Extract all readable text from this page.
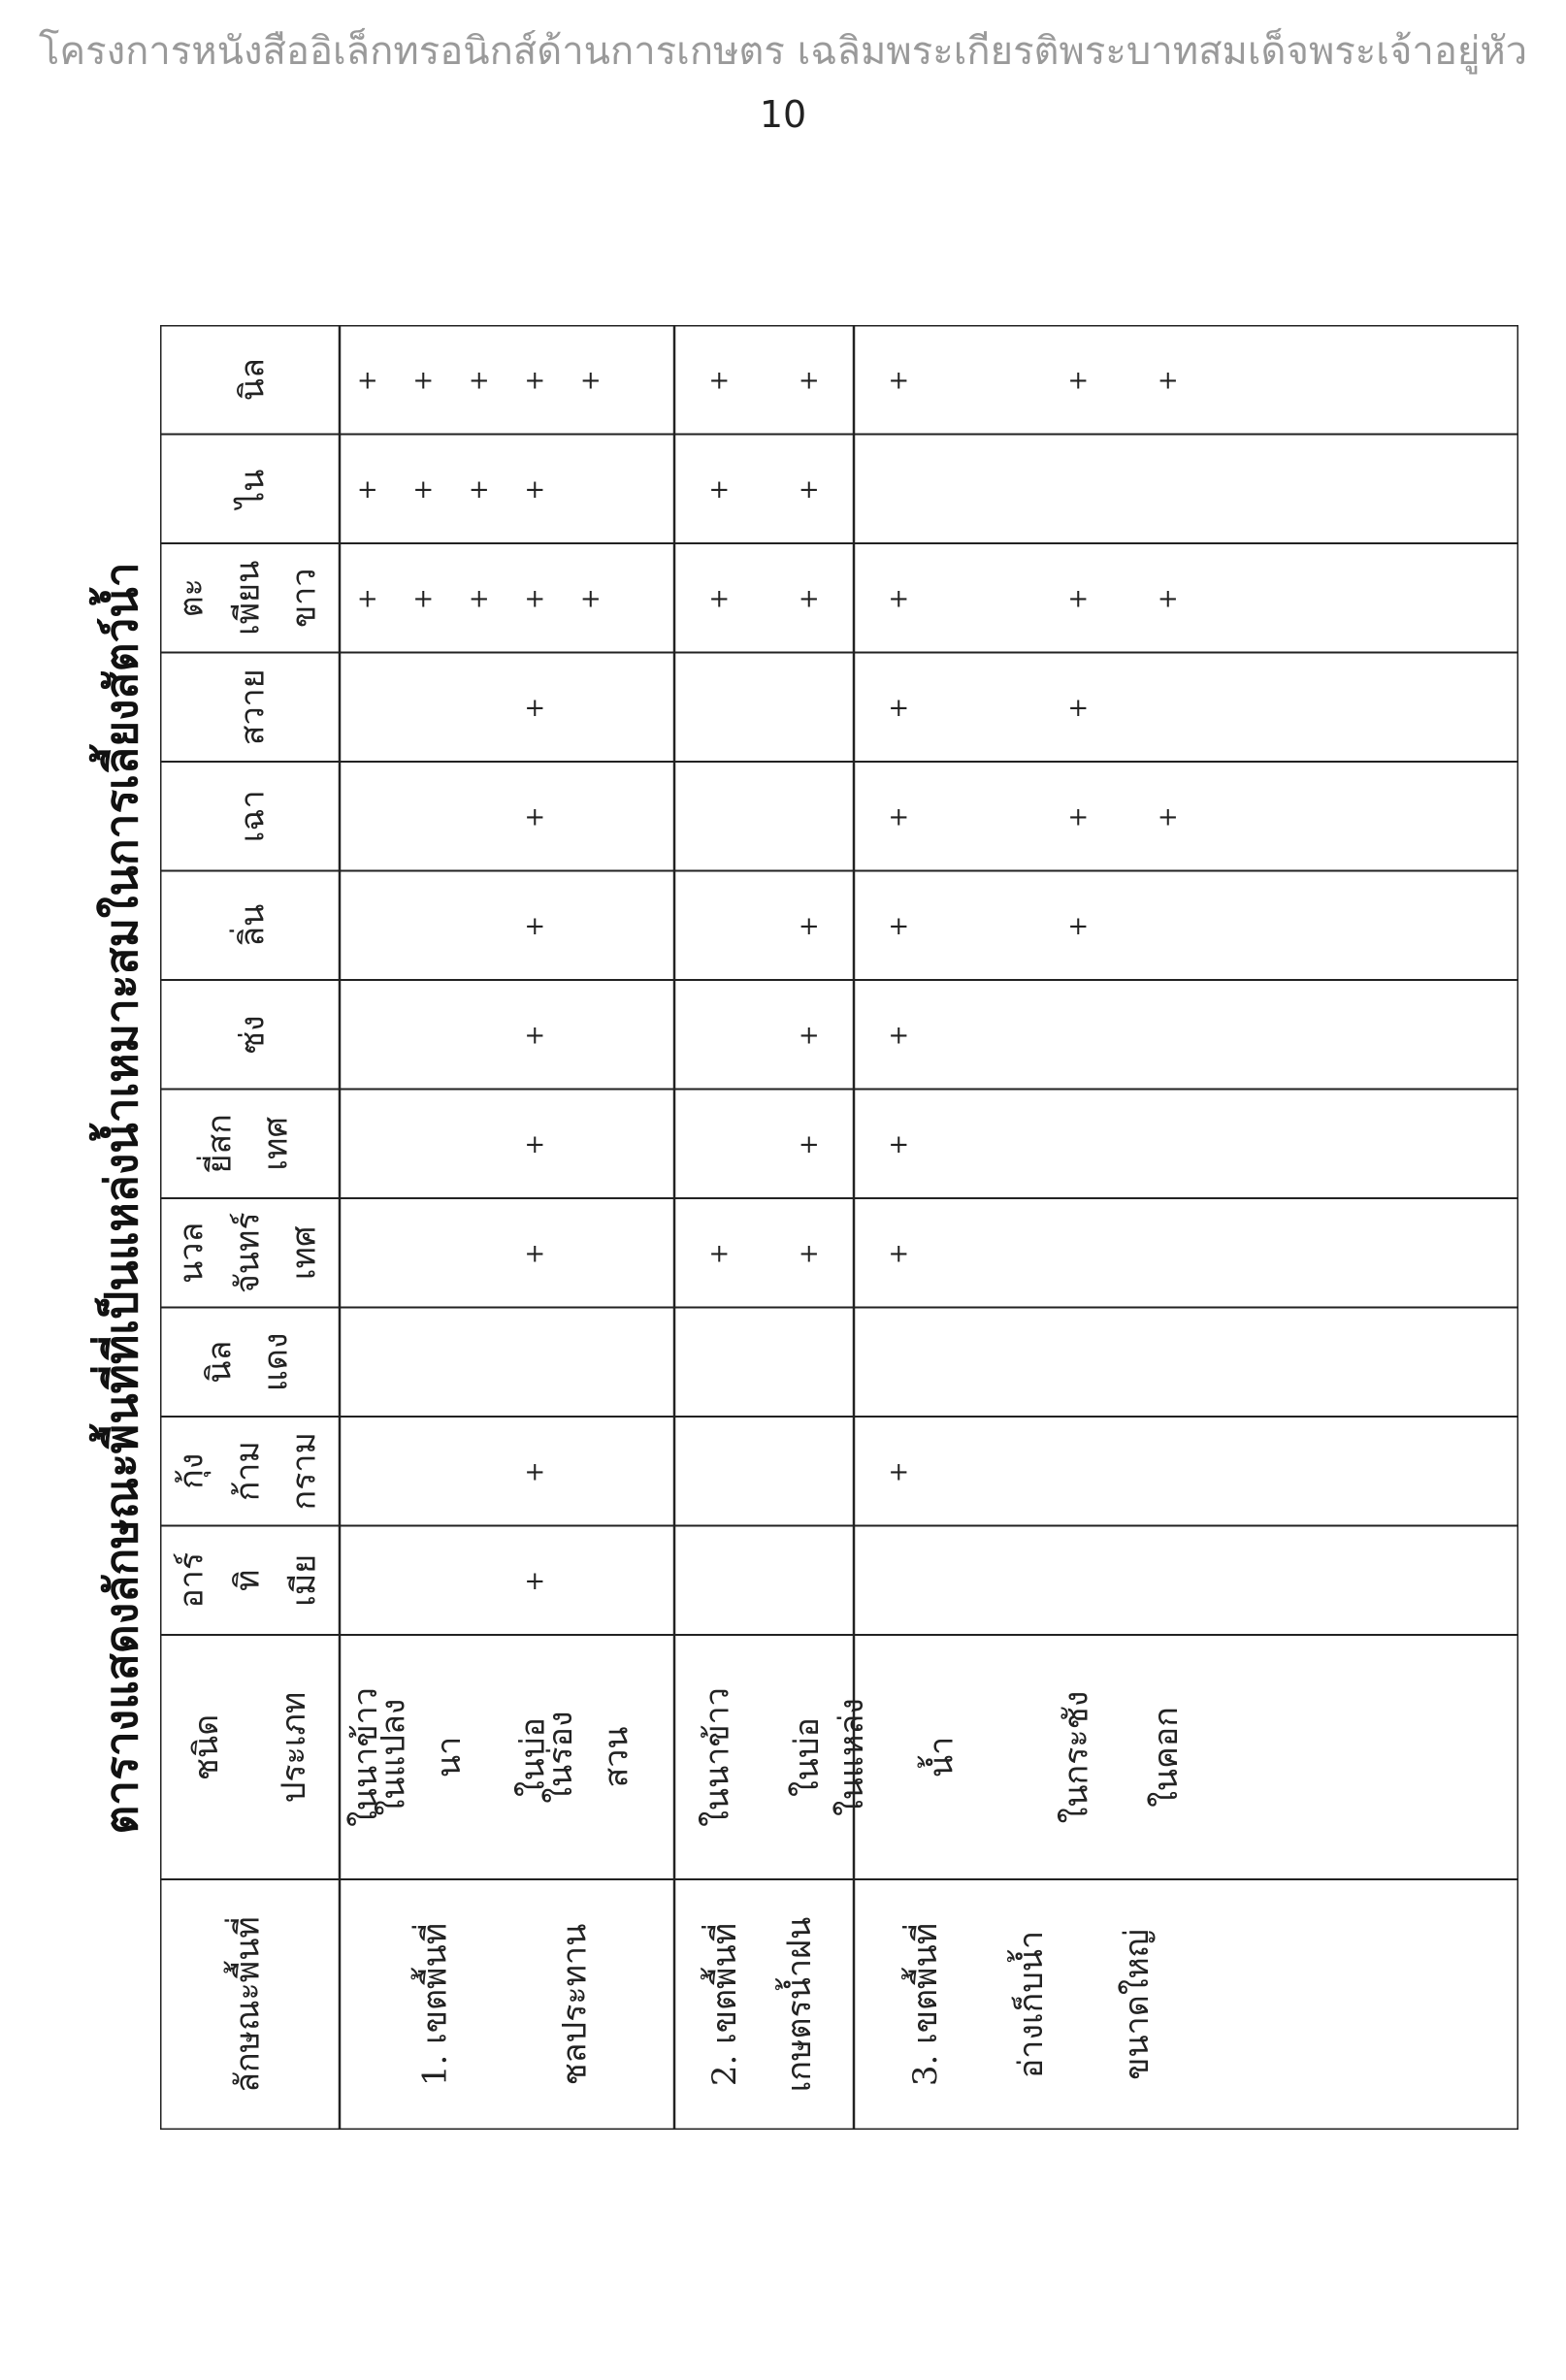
โครงการหนังสืออิเล็กทรอนิกส์ด้านการเกษตร เฉลิมพระเกียรติพระบาทสมเด็จพระเจ้าอยู่หัว
10
ตารางแสดงลักษณะพื้นที่ที่เป็นแหล่งน้ำเหมาะสมในการเลี้ยงสัตว์น้ำ
ลักษณะพื้นที่
ชนิด ประเภท
นิล
ไน
ตะ เพียน ขาว
สวาย
เฉา
ลิ่น
ซ่ง
ยี่สก เทศ
นวล จันทร์ เทศ
นิล แดง
กุ้ง ก้าม กราม
อาร์ ทิ เมีย
1. เขตพื้นที่	ชลประทาน
ในนาข้าว
+
+
+
ในแปลง นา
+
+
+
+
+
+
ในบ่อ
+
+
+
+
+
+
+
+
+
+
+
ในร่อง สวน
+
+
2. เขตพื้นที่ เกษตรน้ำฝน
ในนาข้าว
+
+
+
+
ในบ่อ
+
+
+
+
+
+
+
3. เขตพื้นที่ อ่างเก็บน้ำ ขนาดใหญ่
ในแหล่ง น้ำ
+
+
+
+
+
+
+
+
+
ในกระชัง
+
+
+
+
+
ในคอก
+
+
+
